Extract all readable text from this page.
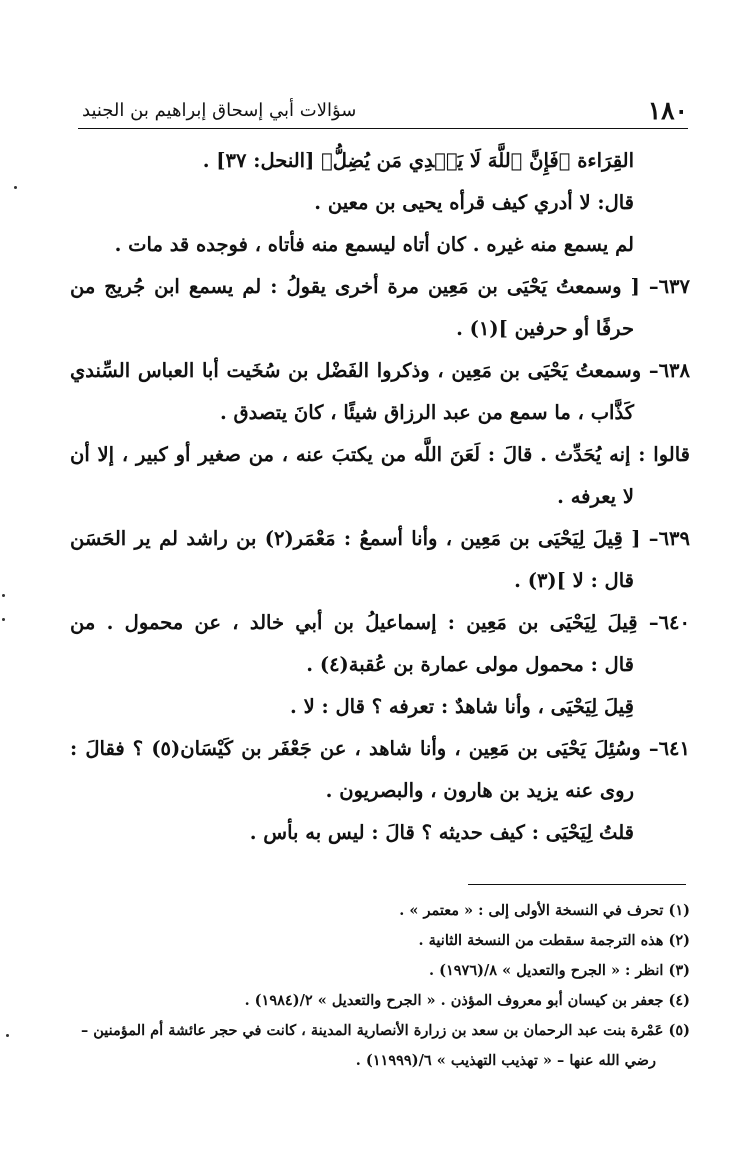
١٨٠
سؤالات أبي إسحاق إبراهيم بن الجنيد
القِرَاءة ﴿فَإِنَّ ٱللَّهَ لَا يَهۡدِي مَن يُضِلُّ﴾ [النحل: ٣٧] .
قال: لا أدري كيف قرأه يحيى بن معين .
لم يسمع منه غيره . كان أتاه ليسمع منه فأتاه ، فوجده قد مات .
٦٣٧– [ وسمعتُ يَحْيَى بن مَعِين مرة أخرى يقولُ : لم يسمع ابن جُريج من
حرفًا أو حرفين ](١) .
٦٣٨– وسمعتُ يَحْيَى بن مَعِين ، وذكروا الفَضْل بن سُخَيت أبا العباس السِّندي
كَذَّاب ، ما سمع من عبد الرزاق شيئًا ، كانَ يتصدق .
قالوا : إنه يُحَدِّث . قالَ : لَعَنَ اللَّه من يكتبَ عنه ، من صغير أو كبير ، إلا أن
لا يعرفه .
٦٣٩– [ قِيلَ لِيَحْيَى بن مَعِين ، وأنا أسمعُ : مَعْمَر(٢) بن راشد لم ير الحَسَن
قال : لا ](٣) .
٦٤٠– قِيلَ لِيَحْيَى بن مَعِين : إسماعيلُ بن أبي خالد ، عن محمول . من
قال : محمول مولى عمارة بن عُقبة(٤) .
قِيلَ لِيَحْيَى ، وأنا شاهدٌ : تعرفه ؟ قال : لا .
٦٤١– وسُئِلَ يَحْيَى بن مَعِين ، وأنا شاهد ، عن جَعْفَر بن كَيْسَان(٥) ؟ فقالَ :
روى عنه يزيد بن هارون ، والبصريون .
قلتُ لِيَحْيَى : كيف حديثه ؟ قالَ : ليس به بأس .
(١) تحرف في النسخة الأولى إلى : « معتمر » .
(٢) هذه الترجمة سقطت من النسخة الثانية .
(٣) انظر : « الجرح والتعديل » ٨/(١٩٧٦) .
(٤) جعفر بن كيسان أبو معروف المؤذن . « الجرح والتعديل » ٢/(١٩٨٤) .
(٥) عَمْرة بنت عبد الرحمان بن سعد بن زرارة الأنصارية المدينة ، كانت في حجر عائشة أم المؤمنين –
رضي الله عنها – « تهذيب التهذيب » ٦/(١١٩٩٩) .
